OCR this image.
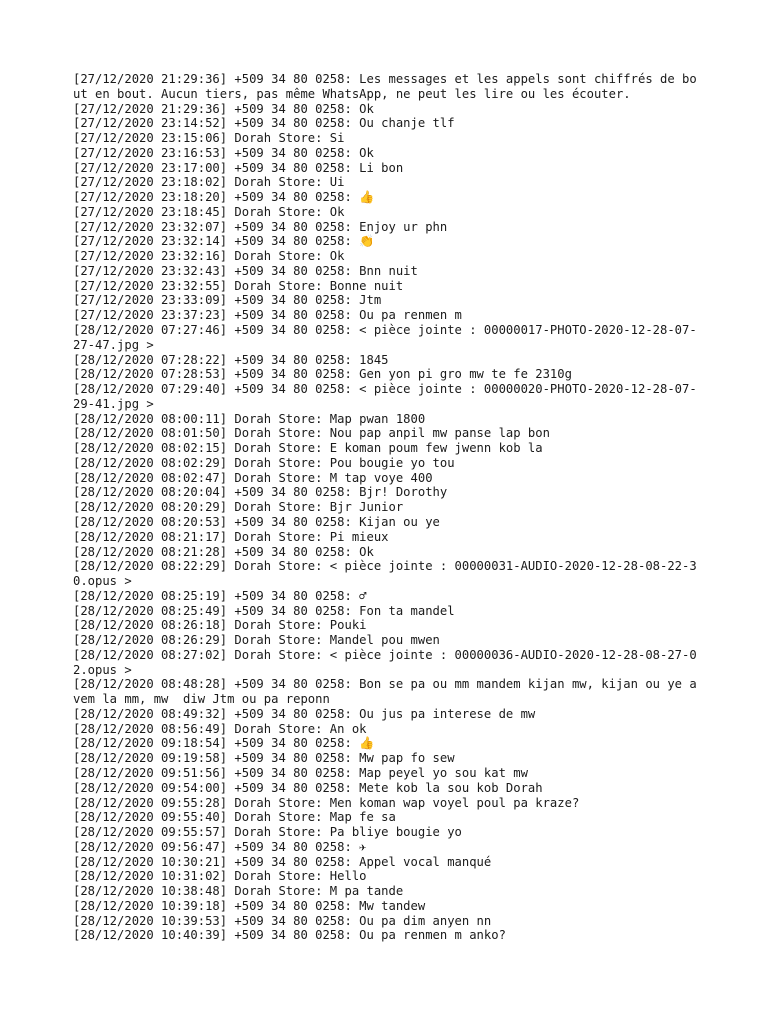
[27/12/2020 21:29:36] +509 34 80 0258: Les messages et les appels sont chiffrés de bout en bout. Aucun tiers, pas même WhatsApp, ne peut les lire ou les écouter.
[27/12/2020 21:29:36] +509 34 80 0258: Ok
[27/12/2020 23:14:52] +509 34 80 0258: Ou chanje tlf
[27/12/2020 23:15:06] Dorah Store: Si
[27/12/2020 23:16:53] +509 34 80 0258: Ok
[27/12/2020 23:17:00] +509 34 80 0258: Li bon
[27/12/2020 23:18:02] Dorah Store: Ui
[27/12/2020 23:18:20] +509 34 80 0258: 👍
[27/12/2020 23:18:45] Dorah Store: Ok
[27/12/2020 23:32:07] +509 34 80 0258: Enjoy ur phn
[27/12/2020 23:32:14] +509 34 80 0258: 👏
[27/12/2020 23:32:16] Dorah Store: Ok
[27/12/2020 23:32:43] +509 34 80 0258: Bnn nuit
[27/12/2020 23:32:55] Dorah Store: Bonne nuit
[27/12/2020 23:33:09] +509 34 80 0258: Jtm
[27/12/2020 23:37:23] +509 34 80 0258: Ou pa renmen m
[28/12/2020 07:27:46] +509 34 80 0258: < pièce jointe : 00000017-PHOTO-2020-12-28-07-27-47.jpg >
[28/12/2020 07:28:22] +509 34 80 0258: 1845
[28/12/2020 07:28:53] +509 34 80 0258: Gen yon pi gro mw te fe 2310g
[28/12/2020 07:29:40] +509 34 80 0258: < pièce jointe : 00000020-PHOTO-2020-12-28-07-29-41.jpg >
[28/12/2020 08:00:11] Dorah Store: Map pwan 1800
[28/12/2020 08:01:50] Dorah Store: Nou pap anpil mw panse lap bon
[28/12/2020 08:02:15] Dorah Store: E koman poum few jwenn kob la
[28/12/2020 08:02:29] Dorah Store: Pou bougie yo tou
[28/12/2020 08:02:47] Dorah Store: M tap voye 400
[28/12/2020 08:20:04] +509 34 80 0258: Bjr! Dorothy
[28/12/2020 08:20:29] Dorah Store: Bjr Junior
[28/12/2020 08:20:53] +509 34 80 0258: Kijan ou ye
[28/12/2020 08:21:17] Dorah Store: Pi mieux
[28/12/2020 08:21:28] +509 34 80 0258: Ok
[28/12/2020 08:22:29] Dorah Store: < pièce jointe : 00000031-AUDIO-2020-12-28-08-22-30.opus >
[28/12/2020 08:25:19] +509 34 80 0258: ♂
[28/12/2020 08:25:49] +509 34 80 0258: Fon ta mandel
[28/12/2020 08:26:18] Dorah Store: Pouki
[28/12/2020 08:26:29] Dorah Store: Mandel pou mwen
[28/12/2020 08:27:02] Dorah Store: < pièce jointe : 00000036-AUDIO-2020-12-28-08-27-02.opus >
[28/12/2020 08:48:28] +509 34 80 0258: Bon se pa ou mm mandem kijan mw, kijan ou ye avem la mm, mw  diw Jtm ou pa reponn
[28/12/2020 08:49:32] +509 34 80 0258: Ou jus pa interese de mw
[28/12/2020 08:56:49] Dorah Store: An ok
[28/12/2020 09:18:54] +509 34 80 0258: 👍
[28/12/2020 09:19:58] +509 34 80 0258: Mw pap fo sew
[28/12/2020 09:51:56] +509 34 80 0258: Map peyel yo sou kat mw
[28/12/2020 09:54:00] +509 34 80 0258: Mete kob la sou kob Dorah
[28/12/2020 09:55:28] Dorah Store: Men koman wap voyel poul pa kraze?
[28/12/2020 09:55:40] Dorah Store: Map fe sa
[28/12/2020 09:55:57] Dorah Store: Pa bliye bougie yo
[28/12/2020 09:56:47] +509 34 80 0258: ✈
[28/12/2020 10:30:21] +509 34 80 0258: Appel vocal manqué
[28/12/2020 10:31:02] Dorah Store: Hello
[28/12/2020 10:38:48] Dorah Store: M pa tande
[28/12/2020 10:39:18] +509 34 80 0258: Mw tandew
[28/12/2020 10:39:53] +509 34 80 0258: Ou pa dim anyen nn
[28/12/2020 10:40:39] +509 34 80 0258: Ou pa renmen m anko?
